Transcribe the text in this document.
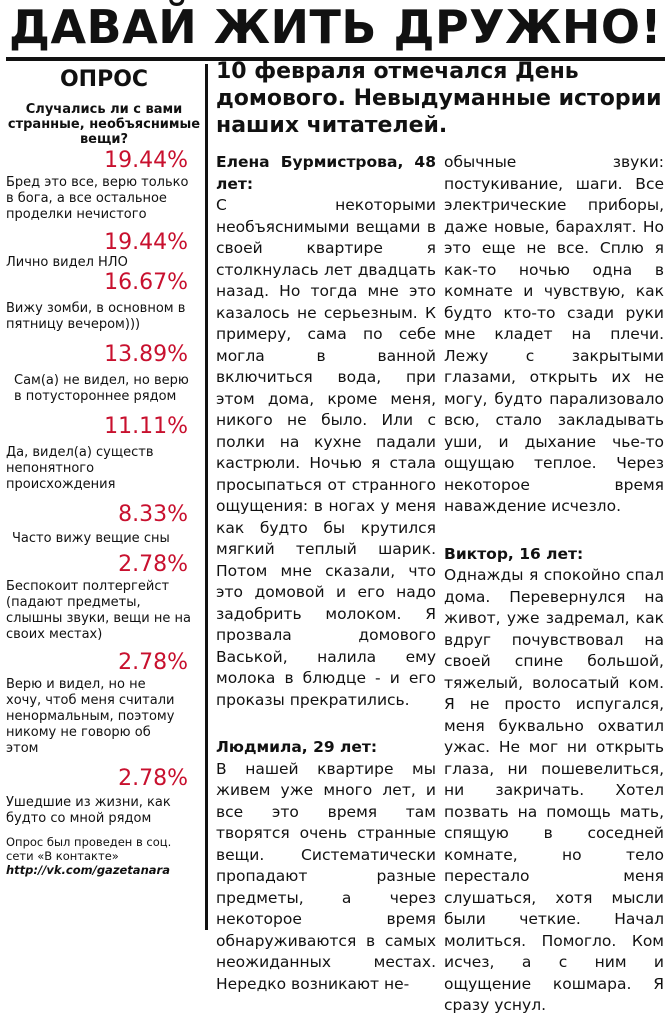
ДАВАЙ ЖИТЬ ДРУЖНО!
ОПРОС
Случались ли с вами странные, необъяснимые вещи?
19.44%
Бред это все, верю только в бога, а все остальное проделки нечистого
19.44%
Лично видел НЛО
16.67%
Вижу зомби, в основном в пятницу вечером)))
13.89%
Сам(а) не видел, но верю в потустороннее рядом
11.11%
Да, видел(а) существ непонятного происхождения
8.33%
Часто вижу вещие сны
2.78%
Беспокоит полтергейст (падают предметы, слышны звуки, вещи не на своих местах)
2.78%
Верю и видел, но не хочу, чтоб меня считали ненормальным, поэтому никому не говорю об этом
2.78%
Ушедшие из жизни, как будто со мной рядом
Опрос был проведен в соц. сети «В контакте»
http://vk.com/gazetanara
10 февраля отмечался День домового. Невыдуманные истории наших читателей.
Елена Бурмистрова, 48 лет:

С некоторыми необъяснимыми вещами в своей квартире я столкнулась лет двадцать назад. Но тогда мне это казалось не серьезным. К примеру, сама по себе могла в ванной включиться вода, при этом дома, кроме меня, никого не было. Или с полки на кухне падали кастрюли. Ночью я стала просыпаться от странного ощущения: в ногах у меня как будто бы крутился мягкий теплый шарик. Потом мне сказали, что это домовой и его надо задобрить молоком. Я прозвала домового Васькой, налила ему молока в блюдце - и его проказы прекратились.

Людмила, 29 лет:

В нашей квартире мы живем уже много лет, и все это время там творятся очень странные вещи. Систематически пропадают разные предметы, а через некоторое время обнаруживаются в самых неожиданных местах. Нередко возникают не-

обычные звуки: постукивание, шаги. Все электрические приборы, даже новые, барахлят. Но это еще не все. Сплю я как-то ночью одна в комнате и чувствую, как будто кто-то сзади руки мне кладет на плечи. Лежу с закрытыми глазами, открыть их не могу, будто парализовало всю, стало закладывать уши, и дыхание чье-то ощущаю теплое. Через некоторое время наваждение исчезло.

Виктор, 16 лет:

Однажды я спокойно спал дома. Перевернулся на живот, уже задремал, как вдруг почувствовал на своей спине большой, тяжелый, волосатый ком. Я не просто испугался, меня буквально охватил ужас. Не мог ни открыть глаза, ни пошевелиться, ни закричать. Хотел позвать на помощь мать, спящую в соседней комнате, но тело перестало меня слушаться, хотя мысли были четкие. Начал молиться. Помогло. Ком исчез, а с ним и ощущение кошмара. Я сразу уснул.
